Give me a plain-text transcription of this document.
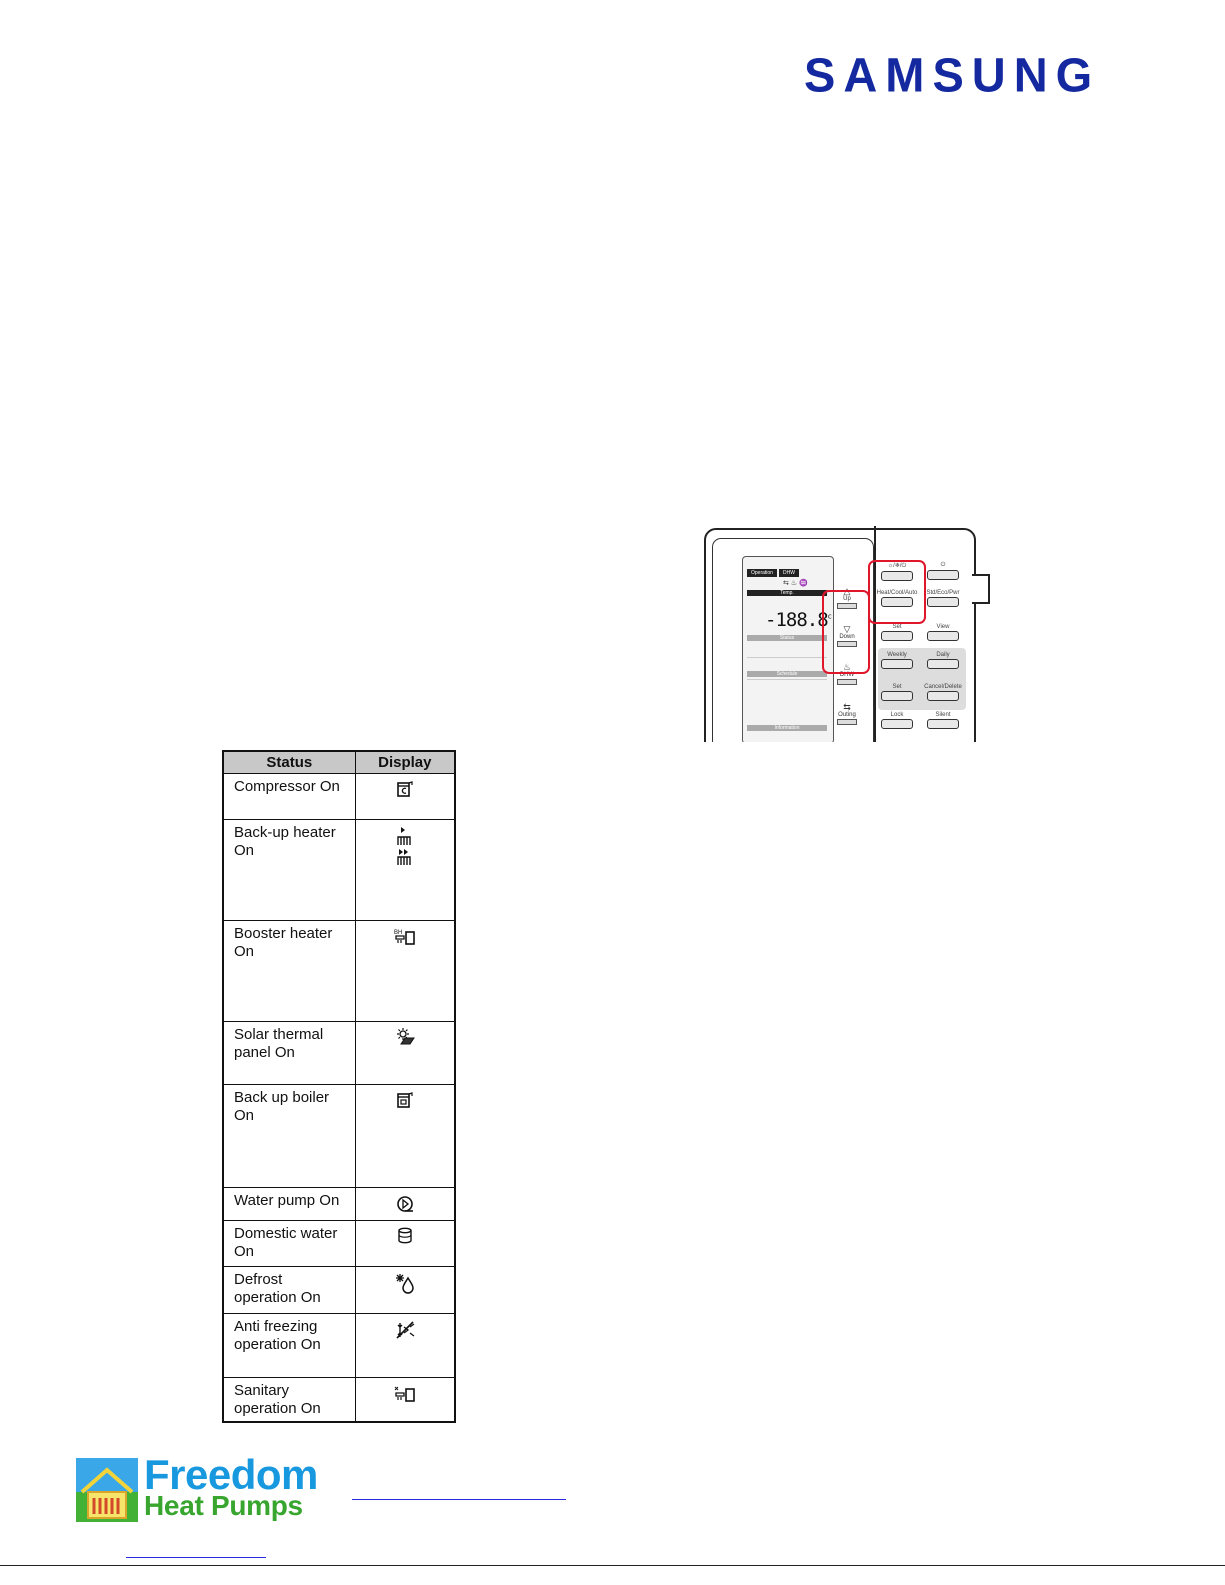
SAMSUNG
Operation	DHW
⇆ ♨ ♒
Temp.
-188.8$^c$
Status
Schedule
Information
△
Up
▽
Down
♨
DHW
⇆
Outing
☼/❄/⏻	⏻
Heat/Cool/Auto	Std/Eco/Pwr
Set	View
Weekly	Daily
Set	Cancel/Delete
Lock	Silent
Status	Display
Compressor On	

Back-up heater On	

Booster heater On	BH

Solar thermal panel On	

Back up boiler On	

Water pump On	

Domestic water On	

Defrost operation On	

Anti freezing operation On	

Sanitary operation On	
Freedom
Heat Pumps
